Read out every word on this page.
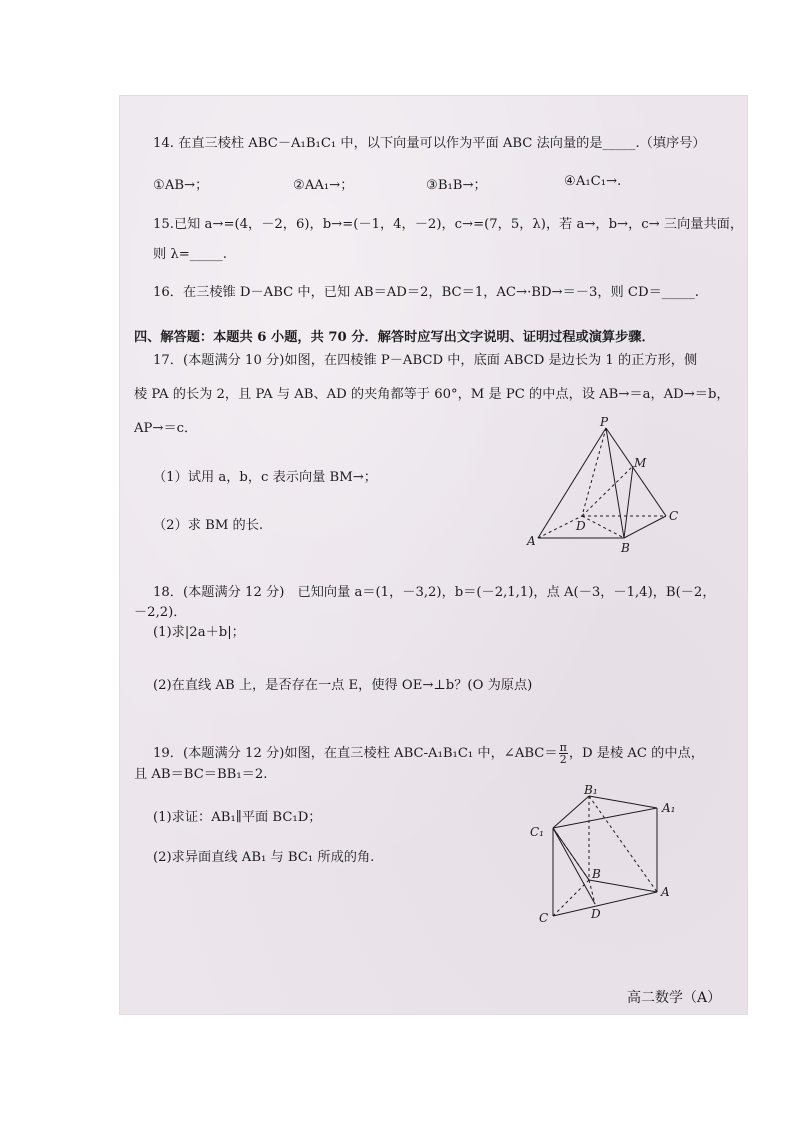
14. 在直三棱柱 ABC－A₁B₁C₁ 中，以下向量可以作为平面 ABC 法向量的是_____.（填序号）
①AB→；	②AA₁→；	③B₁B→；	④A₁C₁→.
15.已知 a→=(4，－2，6)，b→=(－1，4，－2)，c→=(7，5，λ)，若 a→，b→，c→ 三向量共面，
则 λ=_____.
16．在三棱锥 D－ABC 中，已知 AB＝AD＝2，BC＝1，AC→·BD→＝－3，则 CD＝_____.
四、解答题：本题共 6 小题，共 70 分．解答时应写出文字说明、证明过程或演算步骤．
17．(本题满分 10 分)如图，在四棱锥 P－ABCD 中，底面 ABCD 是边长为 1 的正方形，侧
棱 PA 的长为 2，且 PA 与 AB、AD 的夹角都等于 60°，M 是 PC 的中点，设 AB→＝a，AD→＝b，
AP→＝c．
（1）试用 a，b，c 表示向量 BM→；
（2）求 BM 的长.
P
M
D
C
A	B
18．(本题满分 12 分)　已知向量 a＝(1，－3,2)，b＝(－2,1,1)，点 A(－3，－1,4)，B(－2，
－2,2)．
(1)求|2a＋b|；
(2)在直线 AB 上，是否存在一点 E，使得 OE→⊥b？(O 为原点)
19．(本题满分 12 分)如图，在直三棱柱 ABC-A₁B₁C₁ 中，∠ABC＝ $\frac{\pi}{2}$ ，D 是棱 AC 的中点，
且 AB＝BC＝BB₁＝2.
(1)求证：AB₁∥平面 BC₁D；
(2)求异面直线 AB₁ 与 BC₁ 所成的角.
B₁
A₁
C₁
B
A
C	D
高二数学（A）
